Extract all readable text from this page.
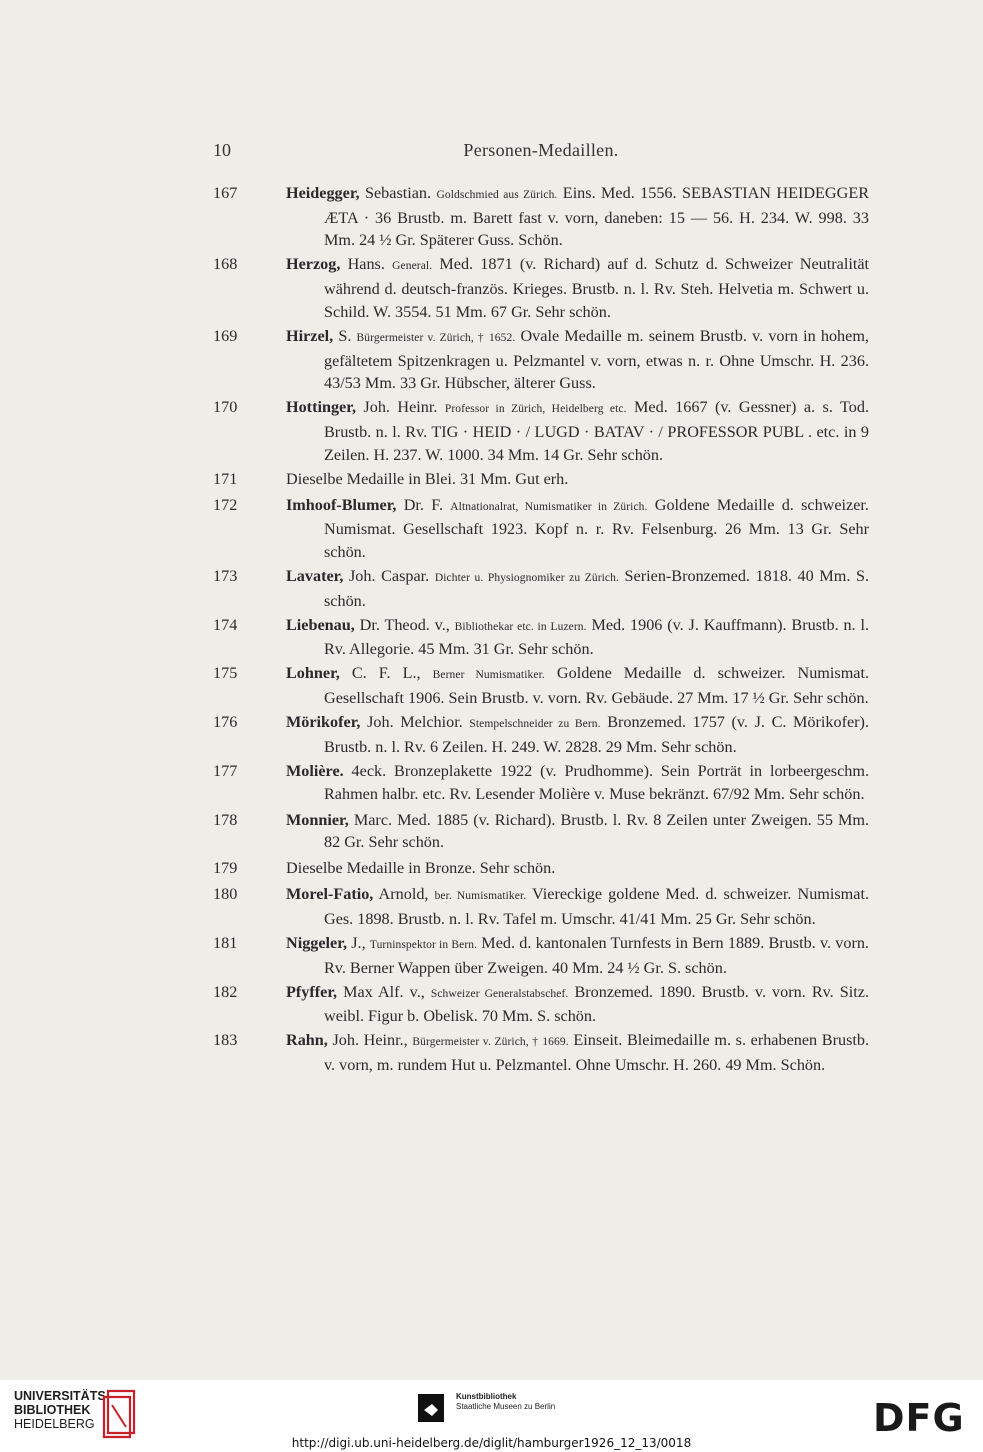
10	Personen-Medaillen.
167	Heidegger, Sebastian. Goldschmied aus Zürich. Eins. Med. 1556. SEBASTIAN HEIDEGGER ÆTA · 36 Brustb. m. Barett fast v. vorn, daneben: 15 — 56. H. 234. W. 998. 33 Mm. 24 ½ Gr. Späterer Guss. Schön.
168	Herzog, Hans. General. Med. 1871 (v. Richard) auf d. Schutz d. Schweizer Neutralität während d. deutsch-französ. Krieges. Brustb. n. l. Rv. Steh. Helvetia m. Schwert u. Schild. W. 3554. 51 Mm. 67 Gr. Sehr schön.
169	Hirzel, S. Bürgermeister v. Zürich, † 1652. Ovale Medaille m. seinem Brustb. v. vorn in hohem, gefältetem Spitzenkragen u. Pelzmantel v. vorn, etwas n. r. Ohne Umschr. H. 236. 43/53 Mm. 33 Gr. Hübscher, älterer Guss.
170	Hottinger, Joh. Heinr. Professor in Zürich, Heidelberg etc. Med. 1667 (v. Gessner) a. s. Tod. Brustb. n. l. Rv. TIG · HEID · / LUGD · BATAV · / PROFESSOR PUBL . etc. in 9 Zeilen. H. 237. W. 1000. 34 Mm. 14 Gr. Sehr schön.
171	Dieselbe Medaille in Blei. 31 Mm. Gut erh.
172	Imhoof-Blumer, Dr. F. Altnationalrat, Numismatiker in Zürich. Goldene Medaille d. schweizer. Numismat. Gesellschaft 1923. Kopf n. r. Rv. Felsenburg. 26 Mm. 13 Gr. Sehr schön.
173	Lavater, Joh. Caspar. Dichter u. Physiognomiker zu Zürich. Serien-Bronzemed. 1818. 40 Mm. S. schön.
174	Liebenau, Dr. Theod. v., Bibliothekar etc. in Luzern. Med. 1906 (v. J. Kauffmann). Brustb. n. l. Rv. Allegorie. 45 Mm. 31 Gr. Sehr schön.
175	Lohner, C. F. L., Berner Numismatiker. Goldene Medaille d. schweizer. Numismat. Gesellschaft 1906. Sein Brustb. v. vorn. Rv. Gebäude. 27 Mm. 17 ½ Gr. Sehr schön.
176	Mörikofer, Joh. Melchior. Stempelschneider zu Bern. Bronzemed. 1757 (v. J. C. Mörikofer). Brustb. n. l. Rv. 6 Zeilen. H. 249. W. 2828. 29 Mm. Sehr schön.
177	Molière. 4eck. Bronzeplakette 1922 (v. Prudhomme). Sein Porträt in lorbeergeschm. Rahmen halbr. etc. Rv. Lesender Molière v. Muse bekränzt. 67/92 Mm. Sehr schön.
178	Monnier, Marc. Med. 1885 (v. Richard). Brustb. l. Rv. 8 Zeilen unter Zweigen. 55 Mm. 82 Gr. Sehr schön.
179	Dieselbe Medaille in Bronze. Sehr schön.
180	Morel-Fatio, Arnold, ber. Numismatiker. Viereckige goldene Med. d. schweizer. Numismat. Ges. 1898. Brustb. n. l. Rv. Tafel m. Umschr. 41/41 Mm. 25 Gr. Sehr schön.
181	Niggeler, J., Turninspektor in Bern. Med. d. kantonalen Turnfests in Bern 1889. Brustb. v. vorn. Rv. Berner Wappen über Zweigen. 40 Mm. 24 ½ Gr. S. schön.
182	Pfyffer, Max Alf. v., Schweizer Generalstabschef. Bronzemed. 1890. Brustb. v. vorn. Rv. Sitz. weibl. Figur b. Obelisk. 70 Mm. S. schön.
183	Rahn, Joh. Heinr., Bürgermeister v. Zürich, † 1669. Einseit. Bleimedaille m. s. erhabenen Brustb. v. vorn, m. rundem Hut u. Pelzmantel. Ohne Umschr. H. 260. 49 Mm. Schön.
UNIVERSITÄTS-
BIBLIOTHEK
HEIDELBERG
Kunstbibliothek
Staatliche Museen zu Berlin	DFG
http://digi.ub.uni-heidelberg.de/diglit/hamburger1926_12_13/0018
